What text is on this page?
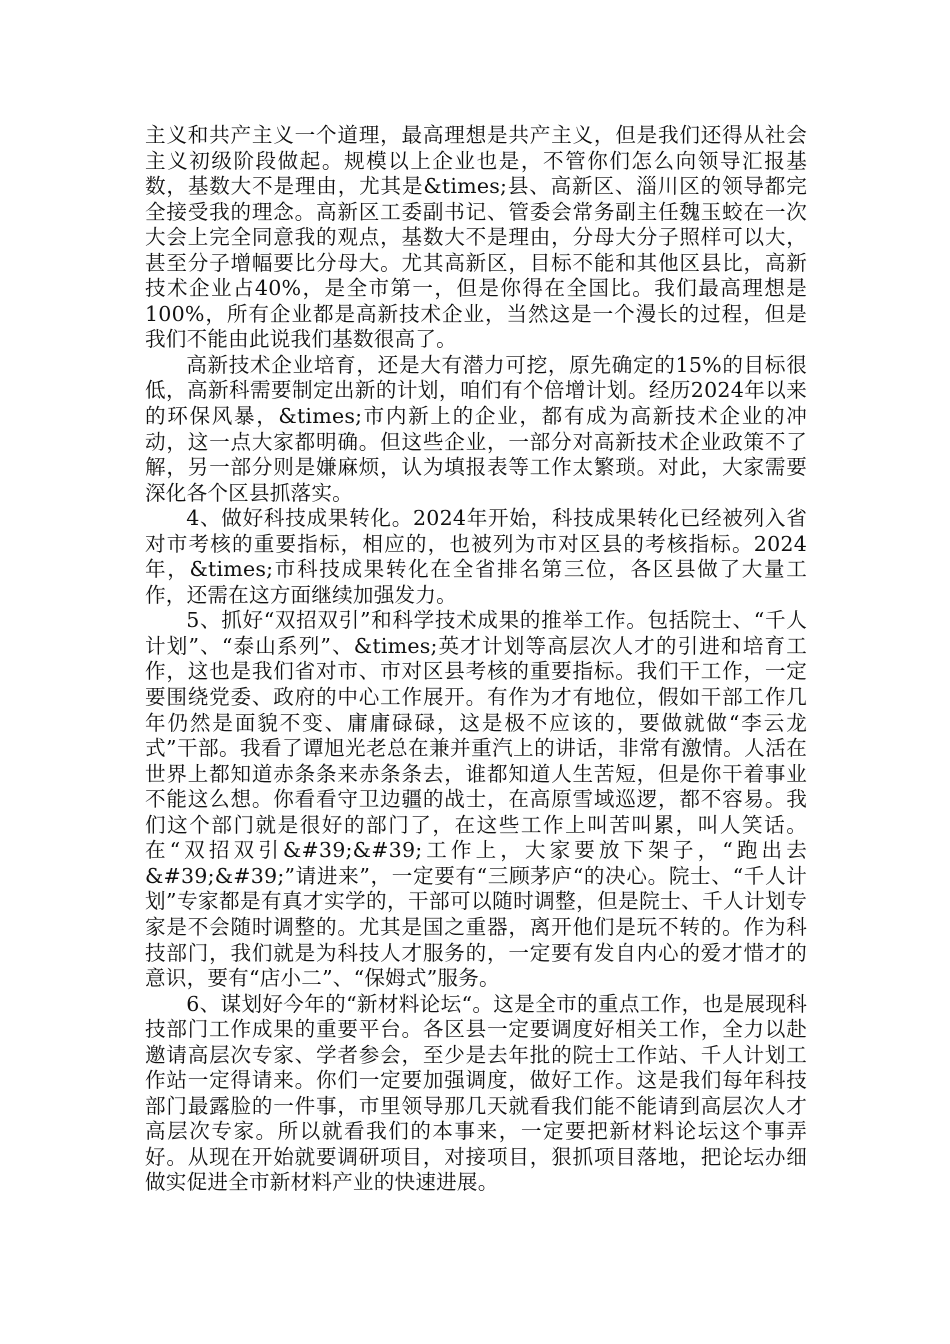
主义和共产主义一个道理，最高理想是共产主义，但是我们还得从社会主义初级阶段做起。规模以上企业也是，不管你们怎么向领导汇报基数，基数大不是理由，尤其是&times;县、高新区、淄川区的领导都完全接受我的理念。高新区工委副书记、管委会常务副主任魏玉蛟在一次大会上完全同意我的观点，基数大不是理由，分母大分子照样可以大，甚至分子增幅要比分母大。尤其高新区，目标不能和其他区县比，高新技术企业占40%，是全市第一，但是你得在全国比。我们最高理想是100%，所有企业都是高新技术企业，当然这是一个漫长的过程，但是我们不能由此说我们基数很高了。

高新技术企业培育，还是大有潜力可挖，原先确定的15%的目标很低，高新科需要制定出新的计划，咱们有个倍增计划。经历2024年以来的环保风暴，&times;市内新上的企业，都有成为高新技术企业的冲动，这一点大家都明确。但这些企业，一部分对高新技术企业政策不了解，另一部分则是嫌麻烦，认为填报表等工作太繁琐。对此，大家需要深化各个区县抓落实。

4、做好科技成果转化。2024年开始，科技成果转化已经被列入省对市考核的重要指标，相应的，也被列为市对区县的考核指标。2024年，&times;市科技成果转化在全省排名第三位，各区县做了大量工作，还需在这方面继续加强发力。

5、抓好“双招双引”和科学技术成果的推举工作。包括院士、“千人计划”、“泰山系列”、&times;英才计划等高层次人才的引进和培育工作，这也是我们省对市、市对区县考核的重要指标。我们干工作，一定要围绕党委、政府的中心工作展开。有作为才有地位，假如干部工作几年仍然是面貌不变、庸庸碌碌，这是极不应该的，要做就做“李云龙式”干部。我看了谭旭光老总在兼并重汽上的讲话，非常有激情。人活在世界上都知道赤条条来赤条条去，谁都知道人生苦短，但是你干着事业不能这么想。你看看守卫边疆的战士，在高原雪域巡逻，都不容易。我们这个部门就是很好的部门了，在这些工作上叫苦叫累，叫人笑话。在“双招双引&#39;&#39;工作上，大家要放下架子，“跑出去&#39;&#39;”请进来”，一定要有“三顾茅庐“的决心。院士、“千人计划”专家都是有真才实学的，干部可以随时调整，但是院士、千人计划专家是不会随时调整的。尤其是国之重器，离开他们是玩不转的。作为科技部门，我们就是为科技人才服务的，一定要有发自内心的爱才惜才的意识，要有“店小二”、“保姆式”服务。

6、谋划好今年的“新材料论坛“。这是全市的重点工作，也是展现科技部门工作成果的重要平台。各区县一定要调度好相关工作，全力以赴邀请高层次专家、学者参会，至少是去年批的院士工作站、千人计划工作站一定得请来。你们一定要加强调度，做好工作。这是我们每年科技部门最露脸的一件事，市里领导那几天就看我们能不能请到高层次人才高层次专家。所以就看我们的本事来，一定要把新材料论坛这个事弄好。从现在开始就要调研项目，对接项目，狠抓项目落地，把论坛办细做实促进全市新材料产业的快速进展。
